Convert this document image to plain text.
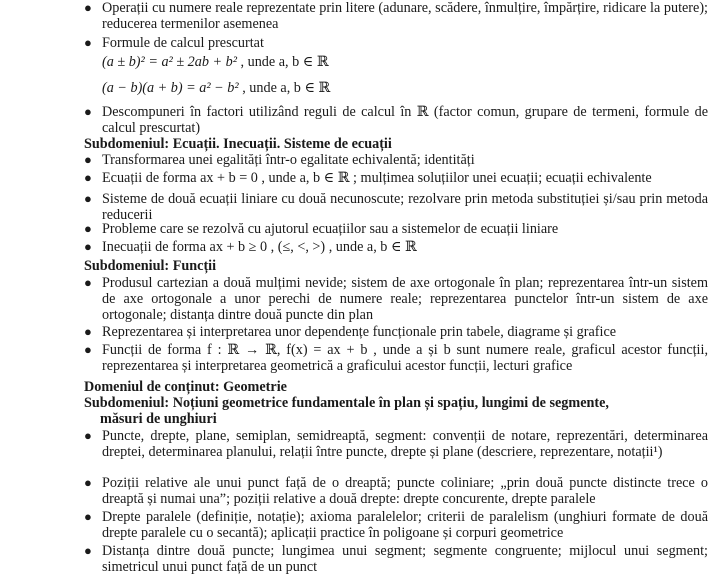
● Operații cu numere reale reprezentate prin litere (adunare, scădere, înmulțire, împărțire, ridicare la putere); reducerea termenilor asemenea
● Formule de calcul prescurtat
(a ± b)² = a² ± 2ab + b² , unde a, b ∈ ℝ
(a − b)(a + b) = a² − b² , unde a, b ∈ ℝ
● Descompuneri în factori utilizând reguli de calcul în ℝ (factor comun, grupare de termeni, formule de calcul prescurtat)
Subdomeniul: Ecuații. Inecuații. Sisteme de ecuații
● Transformarea unei egalități într-o egalitate echivalentă; identități
● Ecuații de forma ax + b = 0 , unde a, b ∈ ℝ ; mulțimea soluțiilor unei ecuații; ecuații echivalente
● Sisteme de două ecuații liniare cu două necunoscute; rezolvare prin metoda substituției și/sau prin metoda reducerii
● Probleme care se rezolvă cu ajutorul ecuațiilor sau a sistemelor de ecuații liniare
● Inecuații de forma ax + b ≥ 0 , (≤, <, >) , unde a, b ∈ ℝ
Subdomeniul: Funcții
● Produsul cartezian a două mulțimi nevide; sistem de axe ortogonale în plan; reprezentarea într-un sistem de axe ortogonale a unor perechi de numere reale; reprezentarea punctelor într-un sistem de axe ortogonale; distanța dintre două puncte din plan
● Reprezentarea și interpretarea unor dependențe funcționale prin tabele, diagrame și grafice
● Funcții de forma f : ℝ → ℝ, f(x) = ax + b , unde a și b sunt numere reale, graficul acestor funcții, reprezentarea și interpretarea geometrică a graficului acestor funcții, lecturi grafice
Domeniul de conținut: Geometrie
Subdomeniul: Noțiuni geometrice fundamentale în plan și spațiu, lungimi de segmente,
măsuri de unghiuri
● Puncte, drepte, plane, semiplan, semidreaptă, segment: convenții de notare, reprezentări, determinarea dreptei, determinarea planului, relații între puncte, drepte și plane (descriere, reprezentare, notații¹)
● Poziții relative ale unui punct față de o dreaptă; puncte coliniare; „prin două puncte distincte trece o dreaptă și numai una”; poziții relative a două drepte: drepte concurente, drepte paralele
● Drepte paralele (definiție, notație); axioma paralelelor; criterii de paralelism (unghiuri formate de două drepte paralele cu o secantă); aplicații practice în poligoane și corpuri geometrice
● Distanța dintre două puncte; lungimea unui segment; segmente congruente; mijlocul unui segment; simetricul unui punct față de un punct
